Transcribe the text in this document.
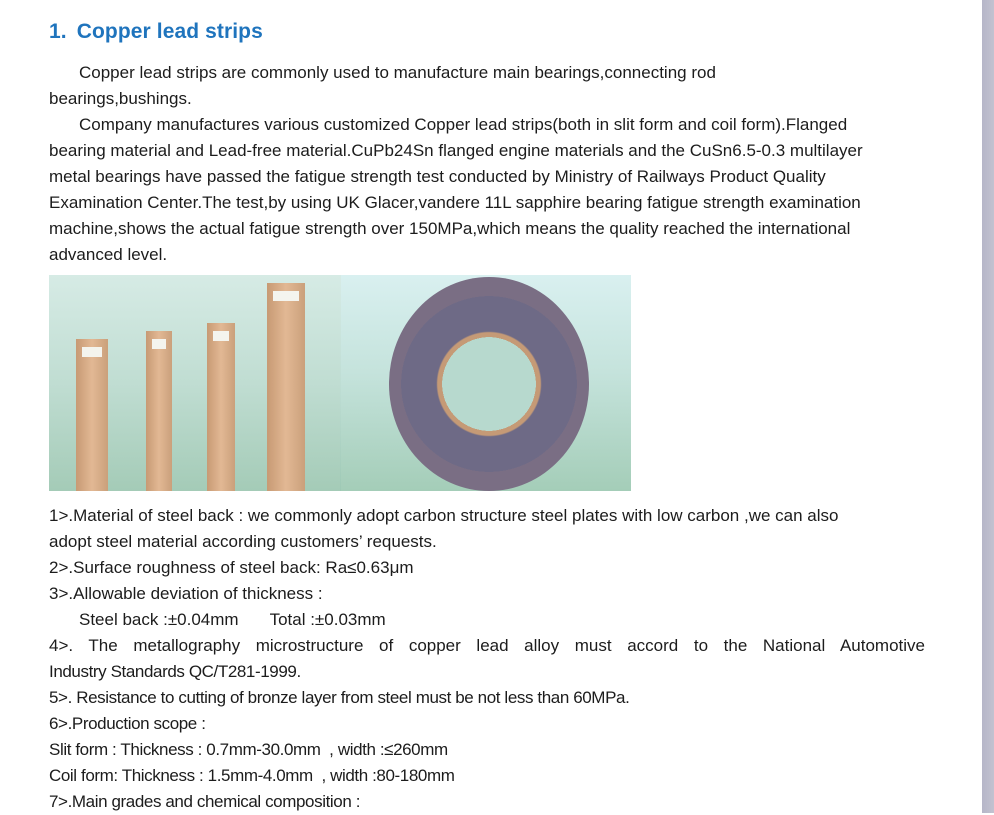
1. Copper lead strips

Copper lead strips are commonly used to manufacture main bearings,connecting rod
bearings,bushings.

Company manufactures various customized Copper lead strips(both in slit form and coil form).Flanged
bearing material and Lead-free material.CuPb24Sn flanged engine materials and the CuSn6.5-0.3 multilayer
metal bearings have passed the fatigue strength test conducted by Ministry of Railways Product Quality
Examination Center.The test,by using UK Glacer,vandere 11L sapphire bearing fatigue strength examination
machine,shows the actual fatigue strength over 150MPa,which means the quality reached the international
advanced level.

1>.Material of steel back : we commonly adopt carbon structure steel plates with low carbon ,we can also
adopt steel material according customers’ requests.

2>.Surface roughness of steel back: Ra≤0.63μm

3>.Allowable deviation of thickness :

Steel back :±0.04mm Total :±0.03mm

4>. The metallography microstructure of copper lead alloy must accord to the National Automotive

Industry Standards QC/T281-1999.

5>. Resistance to cutting of bronze layer from steel must be not less than 60MPa.

6>.Production scope :

Slit form : Thickness : 0.7mm-30.0mm  , width :≤260mm

Coil form: Thickness : 1.5mm-4.0mm  , width :80-180mm

7>.Main grades and chemical composition :
